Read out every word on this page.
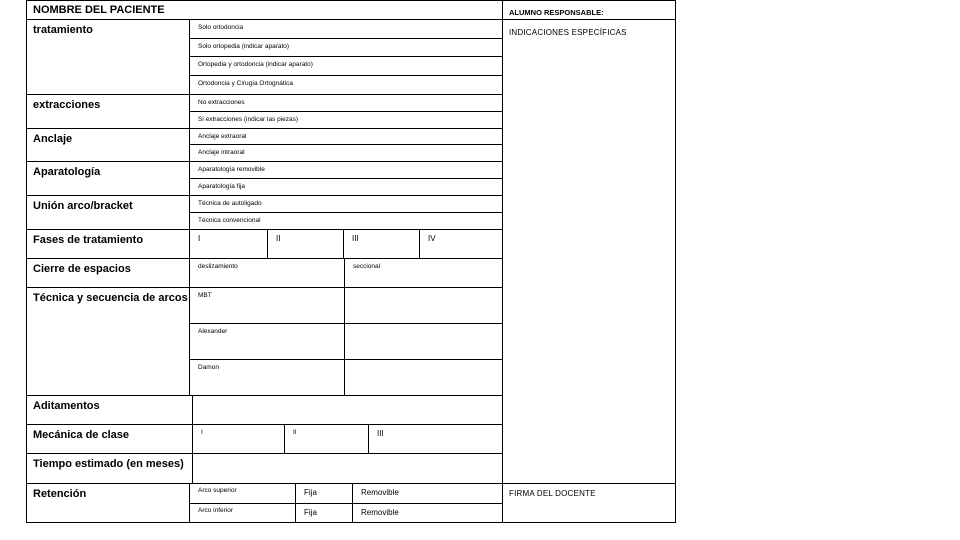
NOMBRE DEL PACIENTE	ALUMNO RESPONSABLE:
INDICACIONES ESPECÍFICAS
tratamiento	Solo ortodoncia
Solo ortopedia (indicar aparato)
Ortopedia y ortodoncia (indicar aparato)
Ortodoncia y Cirugía Ortognática
extracciones	No extracciones
Si extracciones (indicar las piezas)
Anclaje	Anclaje extraoral
Anclaje intraoral
Aparatología	Aparatología removible
Aparatología fija
Unión arco/bracket	Técnica de autoligado
Técnica convencional
Fases de tratamiento	I	II	III	IV
Cierre de espacios	deslizamiento	seccional
Técnica y secuencia de arcos	MBT
Alexander
Damon
Aditamentos
Mecánica de clase	I	II	III
Tiempo estimado (en meses)
Retención	Arco superior	Fija	Removible
Arco inferior	Fija	Removible
FIRMA DEL DOCENTE
